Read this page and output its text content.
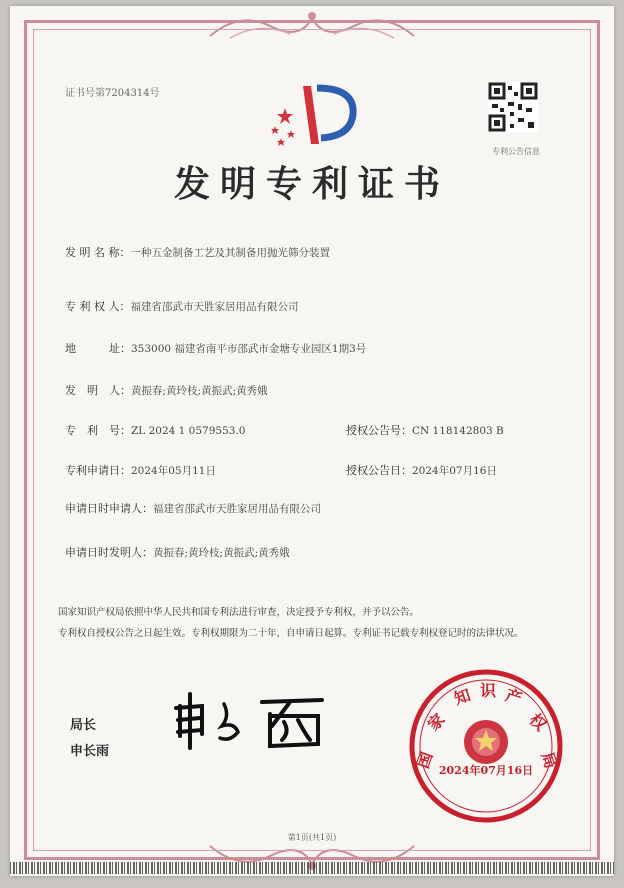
证书号第7204314号
专利公告信息
发明专利证书
发 明 名 称：一种五金制备工艺及其制备用抛光筛分装置
专 利 权 人：福建省邵武市天胜家居用品有限公司
地　　　址：353000 福建省南平市邵武市金塘专业园区1期3号
发　明　人：黄振春;黄玲枝;黄振武;黄秀娥
专　利　号：ZL 2024 1 0579553.0	授权公告号：CN 118142803 B
专利申请日：2024年05月11日	授权公告日：2024年07月16日
申请日时申请人：福建省邵武市天胜家居用品有限公司
申请日时发明人：黄振春;黄玲枝;黄振武;黄秀娥
国家知识产权局依照中华人民共和国专利法进行审查，决定授予专利权，并予以公告。
专利权自授权公告之日起生效。专利权期限为二十年，自申请日起算。专利证书记载专利权登记时的法律状况。
局长
申长雨	国
家
知 识 产
权
局
2024年07月16日
第1页(共1页)
